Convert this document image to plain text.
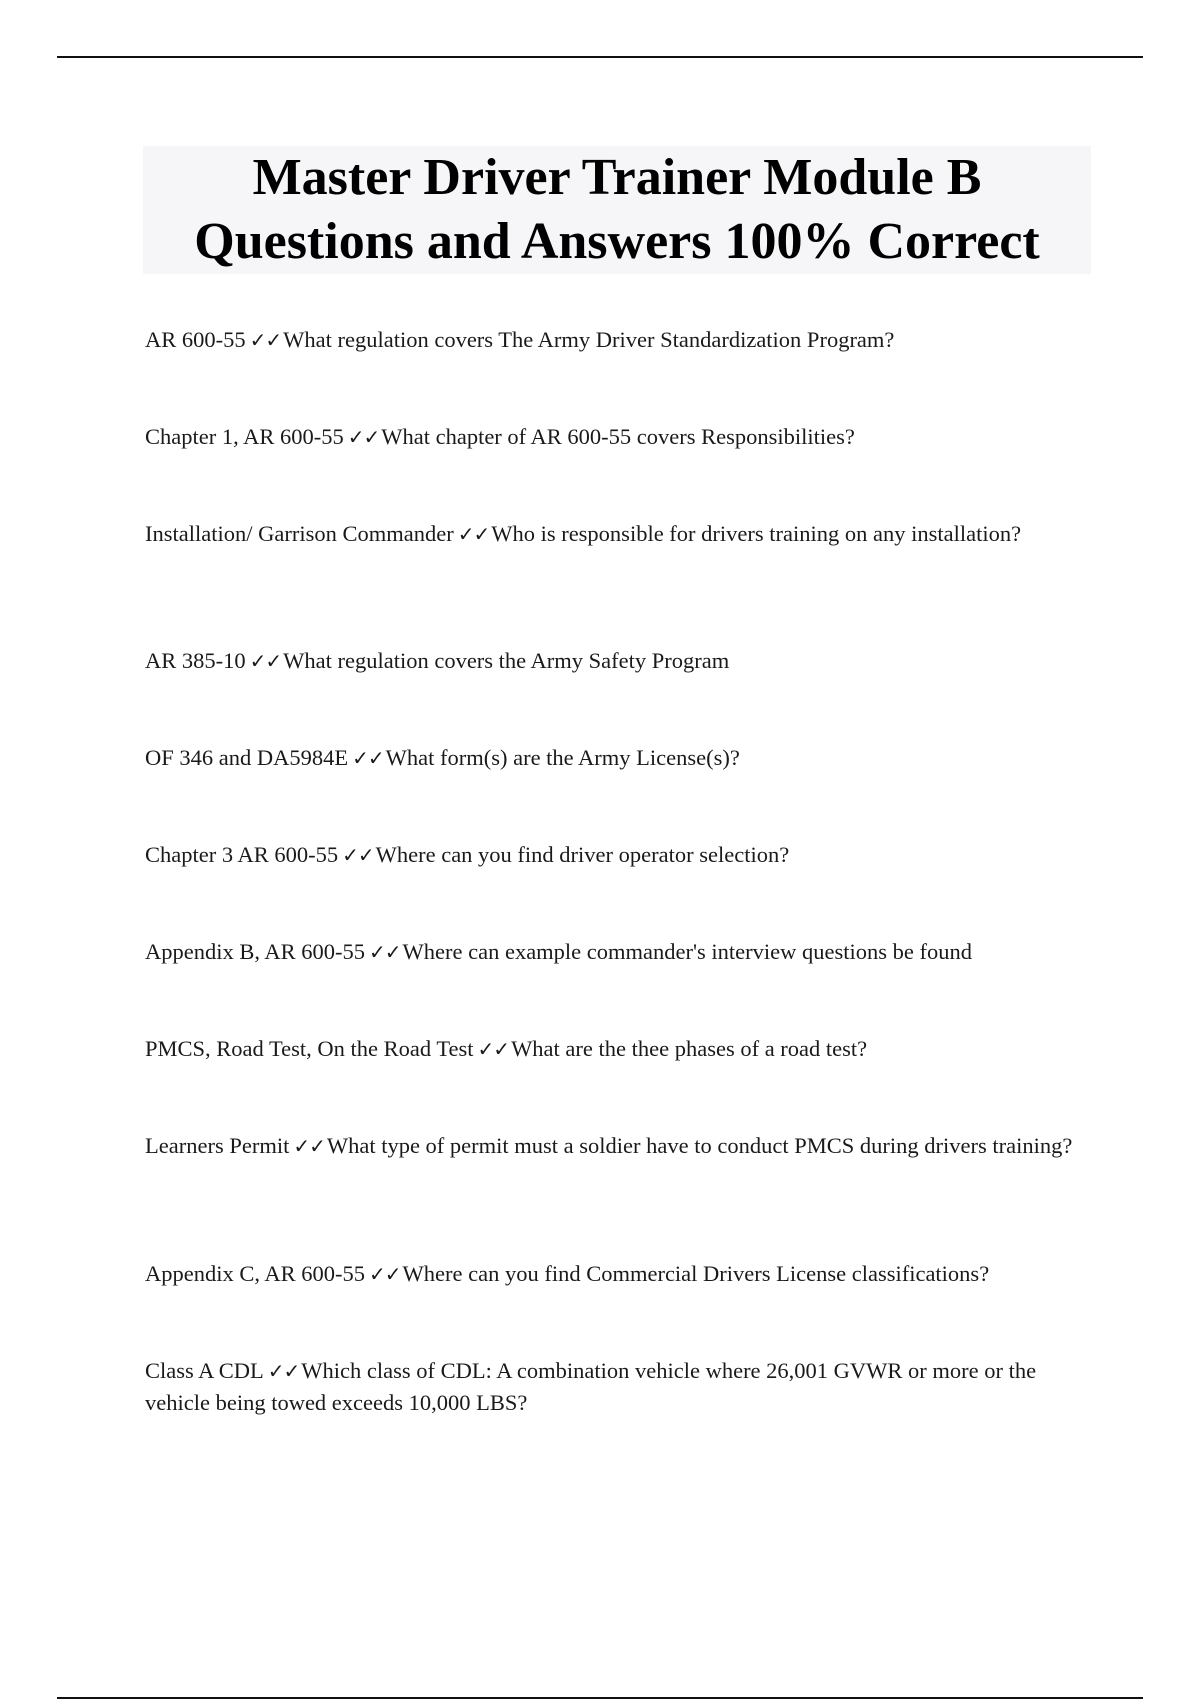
Master Driver Trainer Module B
Questions and Answers 100% Correct
AR 600-55 ✓✓What regulation covers The Army Driver Standardization Program?
Chapter 1, AR 600-55 ✓✓What chapter of AR 600-55 covers Responsibilities?
Installation/ Garrison Commander ✓✓Who is responsible for drivers training on any installation?
AR 385-10 ✓✓What regulation covers the Army Safety Program
OF 346 and DA5984E ✓✓What form(s) are the Army License(s)?
Chapter 3 AR 600-55 ✓✓Where can you find driver operator selection?
Appendix B, AR 600-55 ✓✓Where can example commander's interview questions be found
PMCS, Road Test, On the Road Test ✓✓What are the thee phases of a road test?
Learners Permit ✓✓What type of permit must a soldier have to conduct PMCS during drivers training?
Appendix C, AR 600-55 ✓✓Where can you find Commercial Drivers License classifications?
Class A CDL ✓✓Which class of CDL: A combination vehicle where 26,001 GVWR or more or the vehicle being towed exceeds 10,000 LBS?
